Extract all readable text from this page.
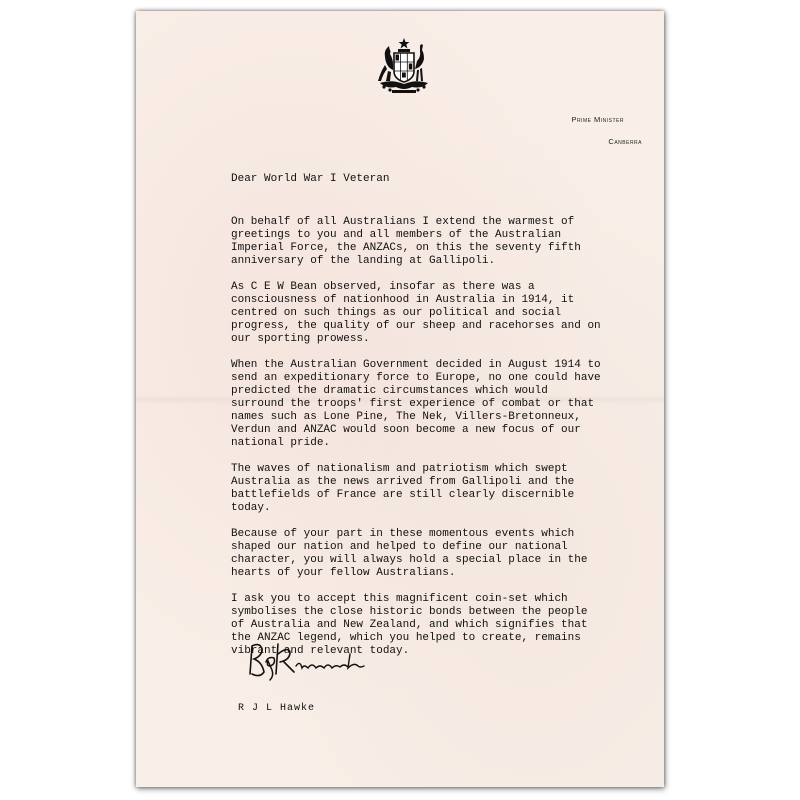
Prime Minister
Canberra
Dear World War I Veteran

On behalf of all Australians I extend the warmest of
greetings to you and all members of the Australian
Imperial Force, the ANZACs, on this the seventy fifth
anniversary of the landing at Gallipoli.

As C E W Bean observed, insofar as there was a
consciousness of nationhood in Australia in 1914, it
centred on such things as our political and social
progress, the quality of our sheep and racehorses and on
our sporting prowess.

When the Australian Government decided in August 1914 to
send an expeditionary force to Europe, no one could have
predicted the dramatic circumstances which would
surround the troops' first experience of combat or that
names such as Lone Pine, The Nek, Villers-Bretonneux,
Verdun and ANZAC would soon become a new focus of our
national pride.

The waves of nationalism and patriotism which swept
Australia as the news arrived from Gallipoli and the
battlefields of France are still clearly discernible
today.

Because of your part in these momentous events which
shaped our nation and helped to define our national
character, you will always hold a special place in the
hearts of your fellow Australians.

I ask you to accept this magnificent coin-set which
symbolises the close historic bonds between the people
of Australia and New Zealand, and which signifies that
the ANZAC legend, which you helped to create, remains
vibrant and relevant today.

R J L Hawke
